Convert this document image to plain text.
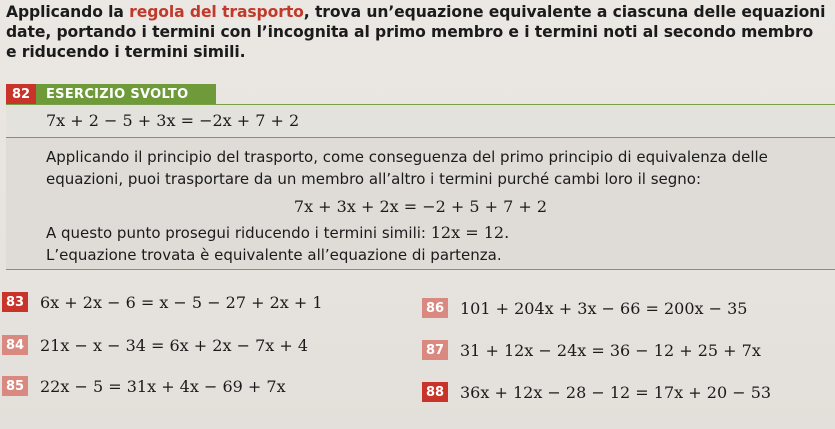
Applicando la regola del trasporto, trova un’equazione equivalente a ciascuna delle equazioni date, portando i termini con l’incognita al primo membro e i termini noti al secondo membro e riducendo i termini simili.
82	ESERCIZIO SVOLTO
7x + 2 − 5 + 3x = −2x + 7 + 2
Applicando il principio del trasporto, come conseguenza del primo principio di equivalenza delle equazioni, puoi trasportare da un membro all’altro i termini purché cambi loro il segno:
7x + 3x + 2x = −2 + 5 + 7 + 2
A questo punto prosegui riducendo i termini simili: 12x = 12.
L’equazione trovata è equivalente all’equazione di partenza.
83 6x + 2x − 6 = x − 5 − 27 + 2x + 1
84 21x − x − 34 = 6x + 2x − 7x + 4
85 22x − 5 = 31x + 4x − 69 + 7x
86 101 + 204x + 3x − 66 = 200x − 35
87 31 + 12x − 24x = 36 − 12 + 25 + 7x
88 36x + 12x − 28 − 12 = 17x + 20 − 53
